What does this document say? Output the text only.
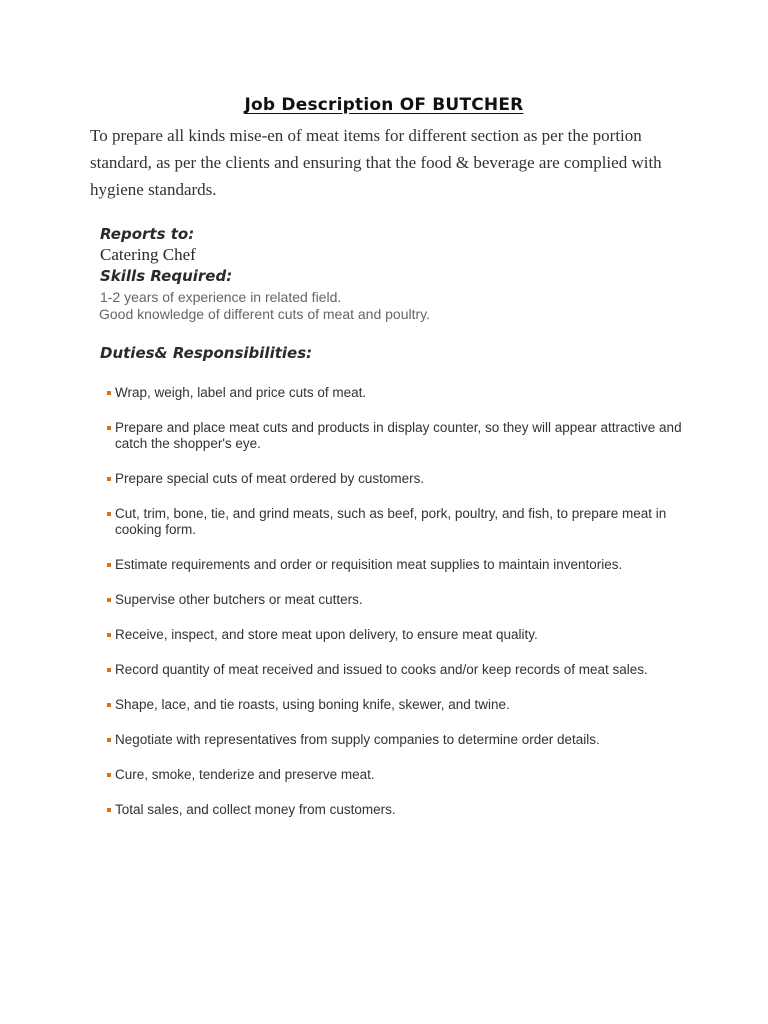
Job Description OF BUTCHER
To prepare all kinds mise-en of meat items for different section as per the portion standard, as per the clients and ensuring that the food & beverage are complied with hygiene standards.
Reports to:
Catering Chef
Skills Required:
1-2 years of experience in related field.
Good knowledge of different cuts of meat and poultry.
Duties& Responsibilities:
Wrap, weigh, label and price cuts of meat.
Prepare and place meat cuts and products in display counter, so they will appear attractive and catch the shopper's eye.
Prepare special cuts of meat ordered by customers.
Cut, trim, bone, tie, and grind meats, such as beef, pork, poultry, and fish, to prepare meat in cooking form.
Estimate requirements and order or requisition meat supplies to maintain inventories.
Supervise other butchers or meat cutters.
Receive, inspect, and store meat upon delivery, to ensure meat quality.
Record quantity of meat received and issued to cooks and/or keep records of meat sales.
Shape, lace, and tie roasts, using boning knife, skewer, and twine.
Negotiate with representatives from supply companies to determine order details.
Cure, smoke, tenderize and preserve meat.
Total sales, and collect money from customers.
